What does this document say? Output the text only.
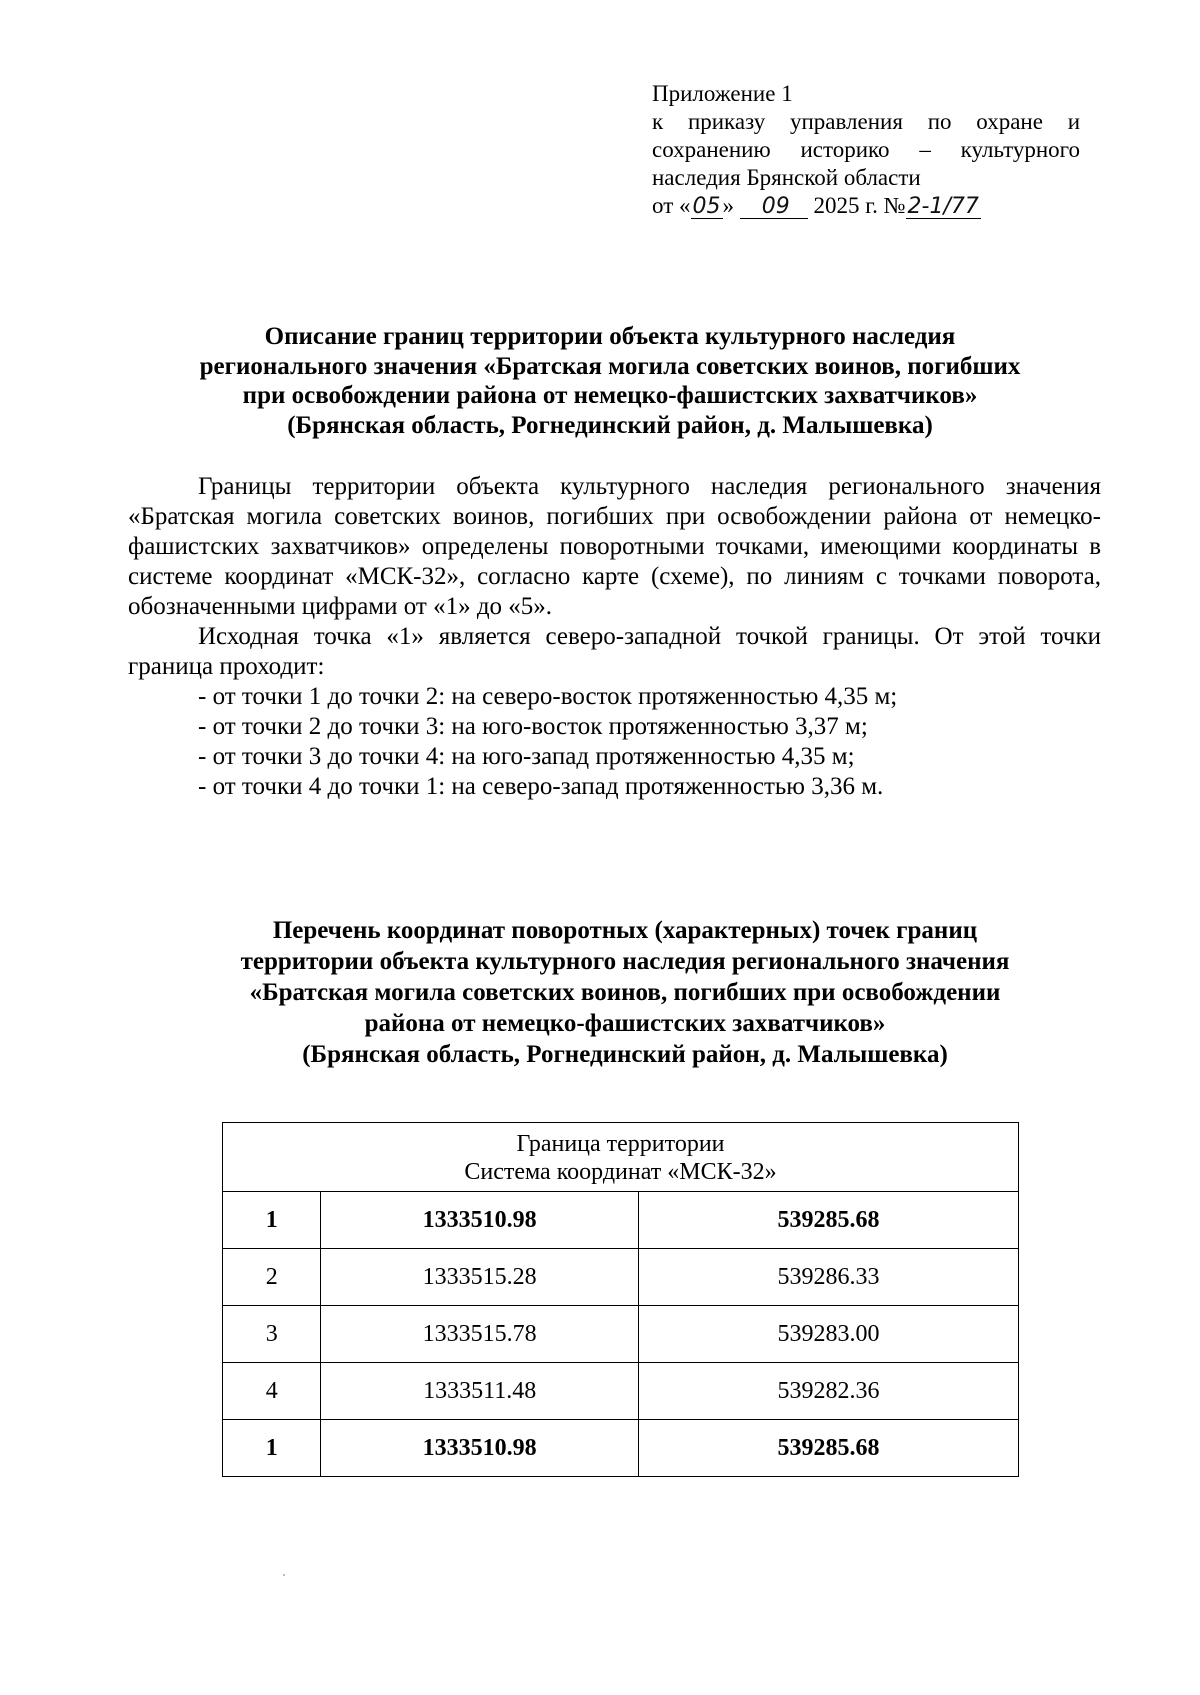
Приложение 1
к приказу управления по охране и
сохранению историко – культурного
наследия Брянской области
от «05» 09 2025 г. №2-1/77
Описание границ территории объекта культурного наследия
регионального значения «Братская могила советских воинов, погибших
при освобождении района от немецко-фашистских захватчиков»
(Брянская область, Рогнединский район, д. Малышевка)

Границы территории объекта культурного наследия регионального значения «Братская могила советских воинов, погибших при освобождении района от немецко-фашистских захватчиков» определены поворотными точками, имеющими координаты в системе координат «МСК-32», согласно карте (схеме), по линиям с точками поворота, обозначенными цифрами от «1» до «5».

Исходная точка «1» является северо-западной точкой границы. От этой точки граница проходит:

- от точки 1 до точки 2: на северо-восток протяженностью 4,35 м;
- от точки 2 до точки 3: на юго-восток протяженностью 3,37 м;
- от точки 3 до точки 4: на юго-запад протяженностью 4,35 м;
- от точки 4 до точки 1: на северо-запад протяженностью 3,36 м.
Перечень координат поворотных (характерных) точек границ
территории объекта культурного наследия регионального значения
«Братская могила советских воинов, погибших при освобождении
района от немецко-фашистских захватчиков»
(Брянская область, Рогнединский район, д. Малышевка)
Граница территории
Система координат «МСК-32»		

1	1333510.98	539285.68
2	1333515.28	539286.33
3	1333515.78	539283.00
4	1333511.48	539282.36
1	1333510.98	539285.68
